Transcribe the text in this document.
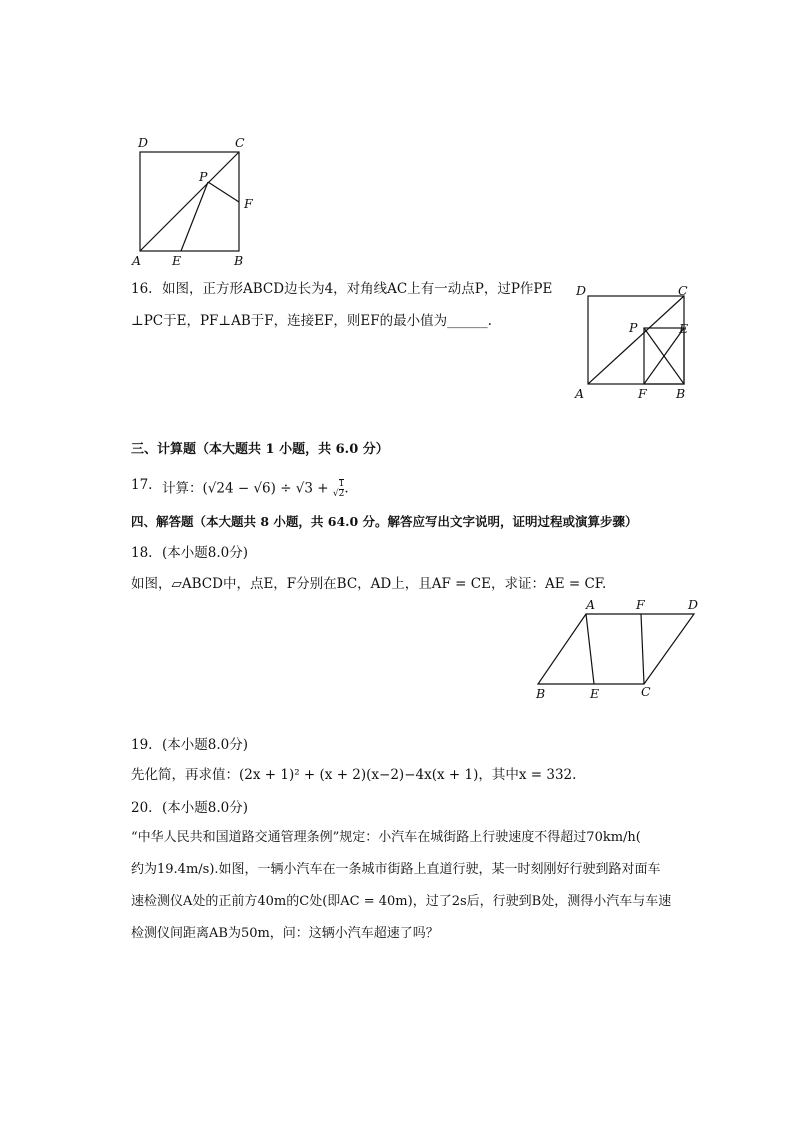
D	C
P
F
A E	B
16. 如图，正方形ABCD边长为4，对角线AC上有一动点P，过P作PE
⊥PC于E，PF⊥AB于F，连接EF，则EF的最小值为______.
D	C
P	E
A	F B
三、计算题（本大题共 1 小题，共 6.0 分）
17. 计算：(√24 − √6) ÷ √3 + √ $\frac{1}{2}$ .
四、解答题（本大题共 8 小题，共 64.0 分。解答应写出文字说明，证明过程或演算步骤）
18. (本小题8.0分)
如图，▱ABCD中，点E，F分别在BC，AD上，且AF = CE，求证：AE = CF.
A	F	D
B	E	C
19. (本小题8.0分)
先化简，再求值：(2x + 1)² + (x + 2)(x−2)−4x(x + 1)，其中x = 332.
20. (本小题8.0分)
“中华人民共和国道路交通管理条例”规定：小汽车在城街路上行驶速度不得超过70km/h(
约为19.4m/s).如图，一辆小汽车在一条城市街路上直道行驶，某一时刻刚好行驶到路对面车
速检测仪A处的正前方40m的C处(即AC = 40m)，过了2s后，行驶到B处，测得小汽车与车速
检测仪间距离AB为50m，问：这辆小汽车超速了吗？
